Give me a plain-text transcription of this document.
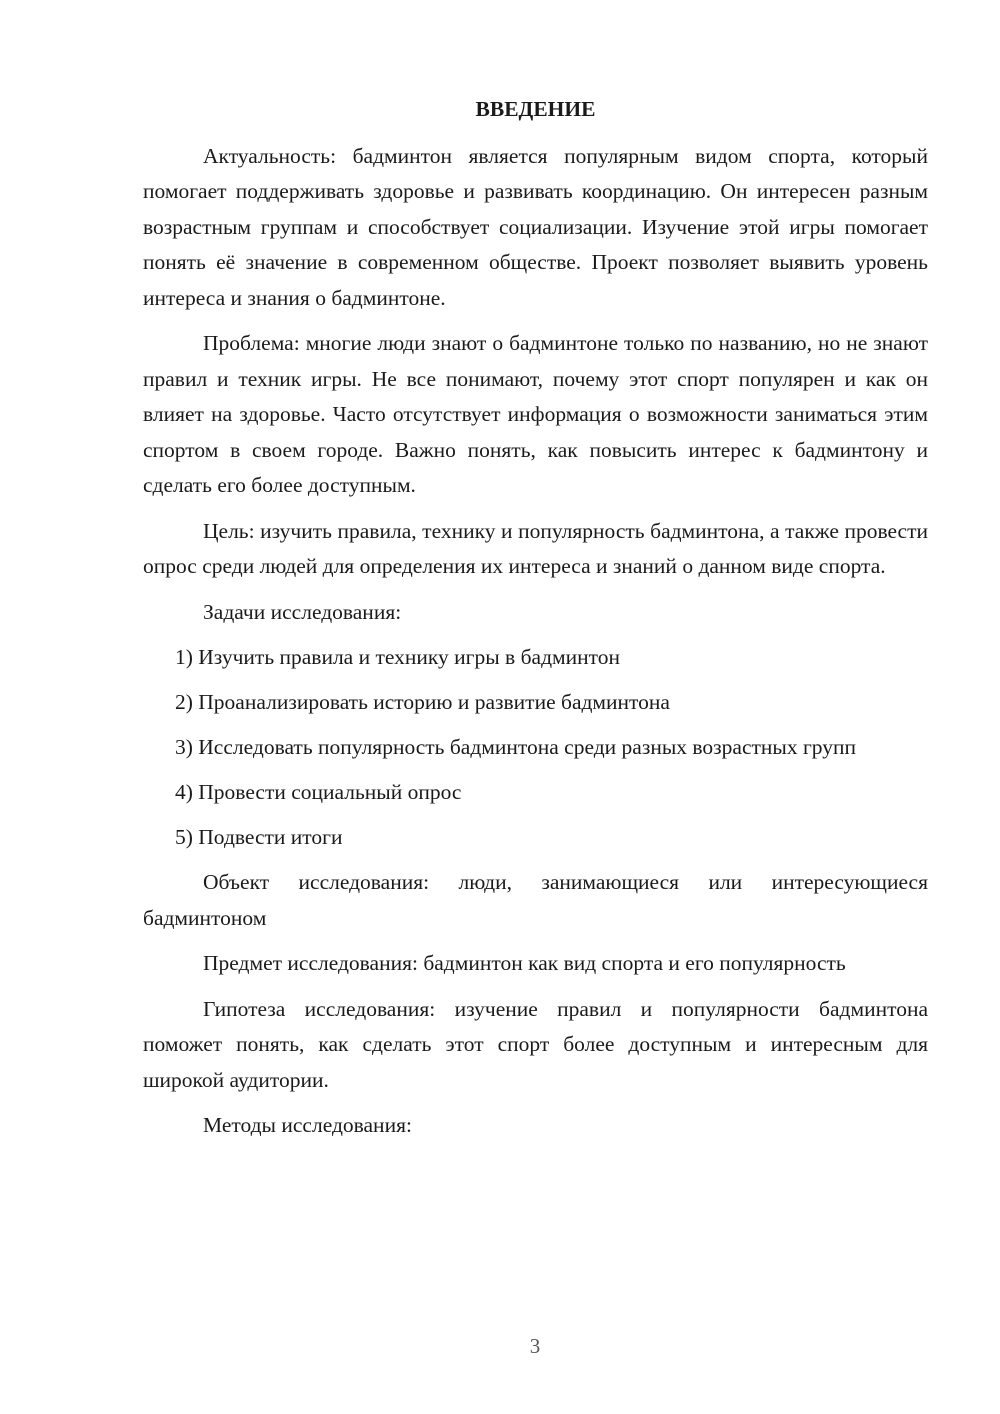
ВВЕДЕНИЕ

Актуальность: бадминтон является популярным видом спорта, который помогает поддерживать здоровье и развивать координацию. Он интересен разным возрастным группам и способствует социализации. Изучение этой игры помогает понять её значение в современном обществе. Проект позволяет выявить уровень интереса и знания о бадминтоне.

Проблема: многие люди знают о бадминтоне только по названию, но не знают правил и техник игры. Не все понимают, почему этот спорт популярен и как он влияет на здоровье. Часто отсутствует информация о возможности заниматься этим спортом в своем городе. Важно понять, как повысить интерес к бадминтону и сделать его более доступным.

Цель: изучить правила, технику и популярность бадминтона, а также провести опрос среди людей для определения их интереса и знаний о данном виде спорта.

Задачи исследования:

1) Изучить правила и технику игры в бадминтон

2) Проанализировать историю и развитие бадминтона

3) Исследовать популярность бадминтона среди разных возрастных групп

4) Провести социальный опрос

5) Подвести итоги

Объект исследования: люди, занимающиеся или интересующиеся бадминтоном

Предмет исследования: бадминтон как вид спорта и его популярность

Гипотеза исследования: изучение правил и популярности бадминтона поможет понять, как сделать этот спорт более доступным и интересным для широкой аудитории.

Методы исследования:

3
